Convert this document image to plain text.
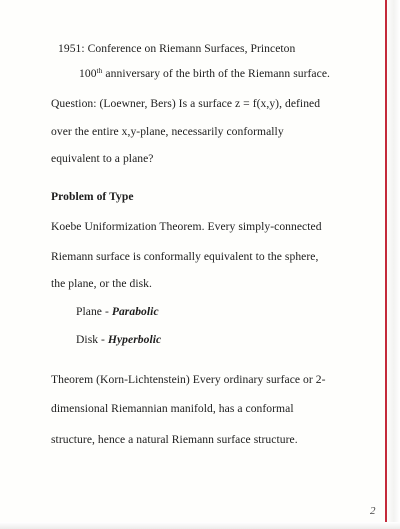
1951: Conference on Riemann Surfaces, Princeton
100th anniversary of the birth of the Riemann surface.
Question: (Loewner, Bers) Is a surface z = f(x,y), defined
over the entire x,y-plane, necessarily conformally
equivalent to a plane?
Problem of Type
Koebe Uniformization Theorem. Every simply-connected
Riemann surface is conformally equivalent to the sphere,
the plane, or the disk.
Plane - Parabolic
Disk - Hyperbolic
Theorem (Korn-Lichtenstein) Every ordinary surface or 2-
dimensional Riemannian manifold, has a conformal
structure, hence a natural Riemann surface structure.
2
